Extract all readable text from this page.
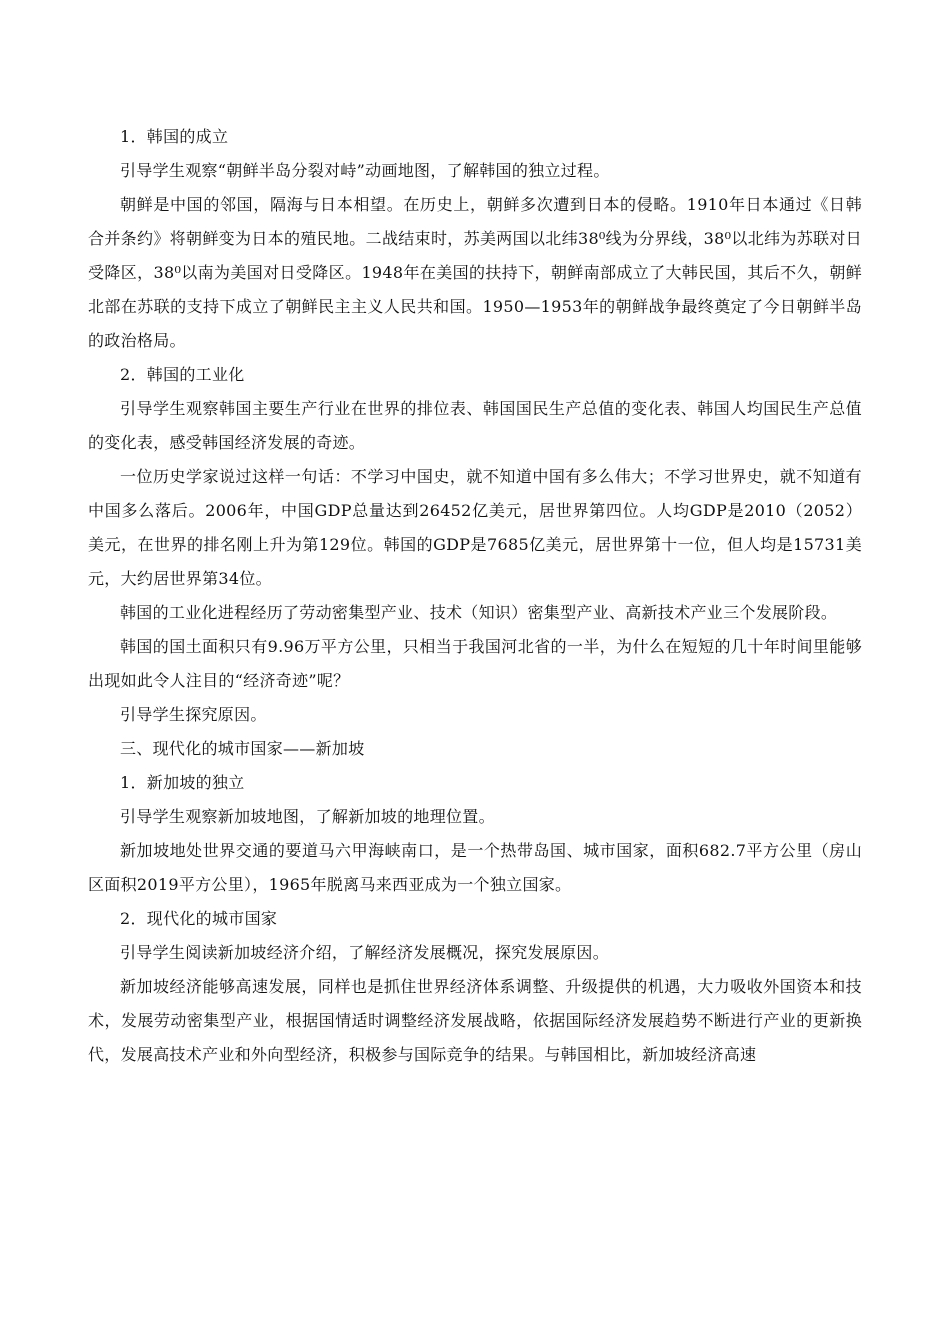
1．韩国的成立

引导学生观察“朝鲜半岛分裂对峙”动画地图，了解韩国的独立过程。

朝鲜是中国的邻国，隔海与日本相望。在历史上，朝鲜多次遭到日本的侵略。1910年日本通过《日韩合并条约》将朝鲜变为日本的殖民地。二战结束时，苏美两国以北纬38⁰线为分界线，38⁰以北纬为苏联对日受降区，38⁰以南为美国对日受降区。1948年在美国的扶持下，朝鲜南部成立了大韩民国，其后不久，朝鲜北部在苏联的支持下成立了朝鲜民主主义人民共和国。1950—1953年的朝鲜战争最终奠定了今日朝鲜半岛的政治格局。

2．韩国的工业化

引导学生观察韩国主要生产行业在世界的排位表、韩国国民生产总值的变化表、韩国人均国民生产总值的变化表，感受韩国经济发展的奇迹。

一位历史学家说过这样一句话：不学习中国史，就不知道中国有多么伟大；不学习世界史，就不知道有中国多么落后。2006年，中国GDP总量达到26452亿美元，居世界第四位。人均GDP是2010（2052）美元，在世界的排名刚上升为第129位。韩国的GDP是7685亿美元，居世界第十一位，但人均是15731美元，大约居世界第34位。

韩国的工业化进程经历了劳动密集型产业、技术（知识）密集型产业、高新技术产业三个发展阶段。

韩国的国土面积只有9.96万平方公里，只相当于我国河北省的一半，为什么在短短的几十年时间里能够出现如此令人注目的“经济奇迹”呢？

引导学生探究原因。

三、现代化的城市国家——新加坡

1．新加坡的独立

引导学生观察新加坡地图，了解新加坡的地理位置。

新加坡地处世界交通的要道马六甲海峡南口，是一个热带岛国、城市国家，面积682.7平方公里（房山区面积2019平方公里），1965年脱离马来西亚成为一个独立国家。

2．现代化的城市国家

引导学生阅读新加坡经济介绍，了解经济发展概况，探究发展原因。

新加坡经济能够高速发展，同样也是抓住世界经济体系调整、升级提供的机遇，大力吸收外国资本和技术，发展劳动密集型产业，根据国情适时调整经济发展战略，依据国际经济发展趋势不断进行产业的更新换代，发展高技术产业和外向型经济，积极参与国际竞争的结果。与韩国相比，新加坡经济高速
